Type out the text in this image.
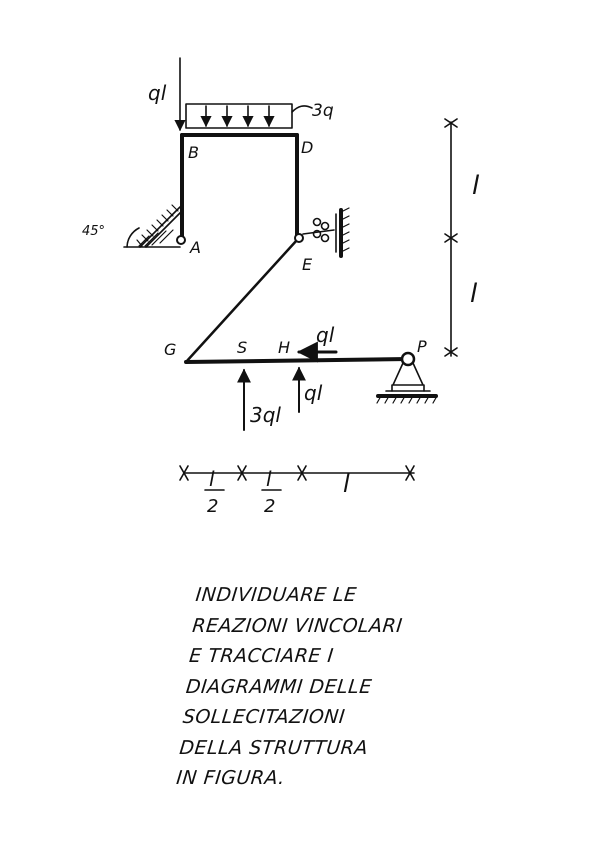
B	D
A
E
G	S H	P
ql
3q
ql
ql
3ql
45°
l
l
l
2
l
2
l
INDIVIDUARE LE
REAZIONI VINCOLARI
E TRACCIARE I
DIAGRAMMI DELLE
SOLLECITAZIONI
DELLA STRUTTURA
IN FIGURA.
